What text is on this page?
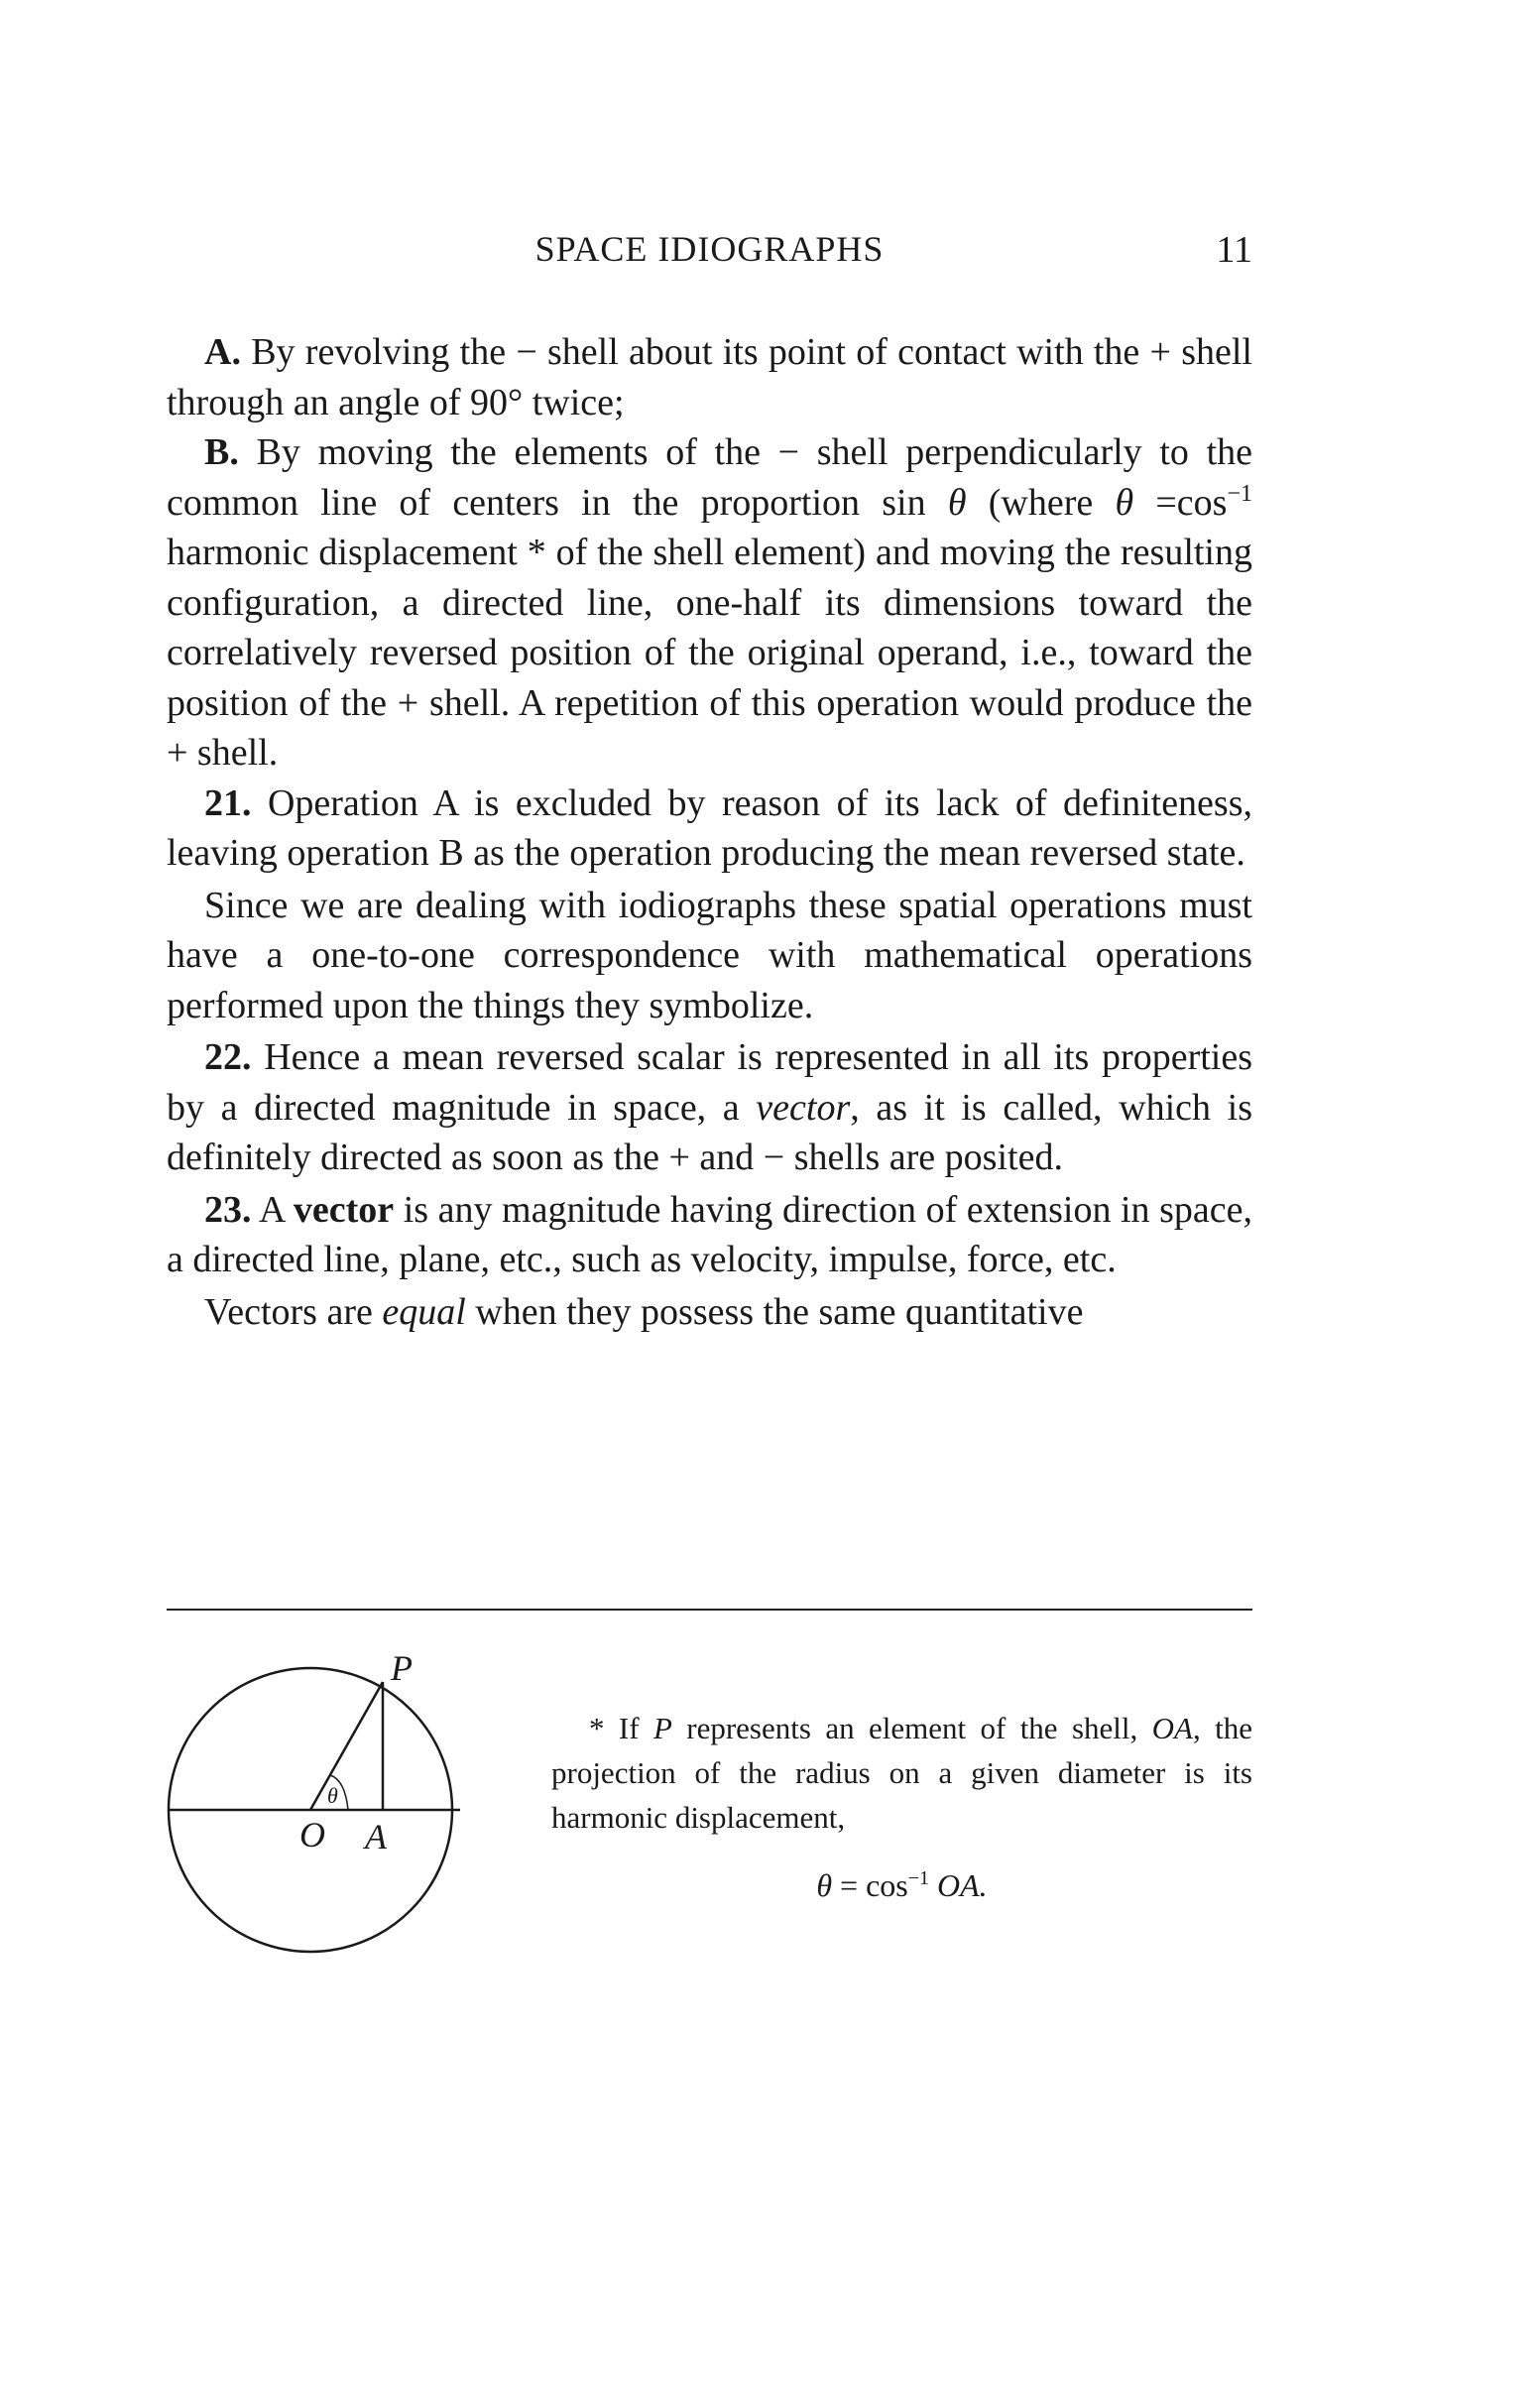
SPACE IDIOGRAPHS	11

A. By revolving the − shell about its point of contact with the + shell through an angle of 90° twice;

B. By moving the elements of the − shell perpendicularly to the common line of centers in the proportion sin θ (where $\theta =\cos^{-1}$ harmonic displacement * of the shell element) and moving the resulting configuration, a directed line, one-half its dimensions toward the correlatively reversed position of the original operand, i.e., toward the position of the + shell. A repetition of this operation would produce the + shell.

21. Operation A is excluded by reason of its lack of definiteness, leaving operation B as the operation producing the mean reversed state.

Since we are dealing with iodiographs these spatial operations must have a one-to-one correspondence with mathematical operations performed upon the things they symbolize.

22. Hence a mean reversed scalar is represented in all its properties by a directed magnitude in space, a vector, as it is called, which is definitely directed as soon as the + and − shells are posited.

23. A vector is any magnitude having direction of extension in space, a directed line, plane, etc., such as velocity, impulse, force, etc.

Vectors are equal when they possess the same quantitative

P
O A
θ

* If P represents an element of the shell, OA, the projection of the radius on a given diameter is its harmonic displacement,

$\theta = \cos^{-1}$ OA.
